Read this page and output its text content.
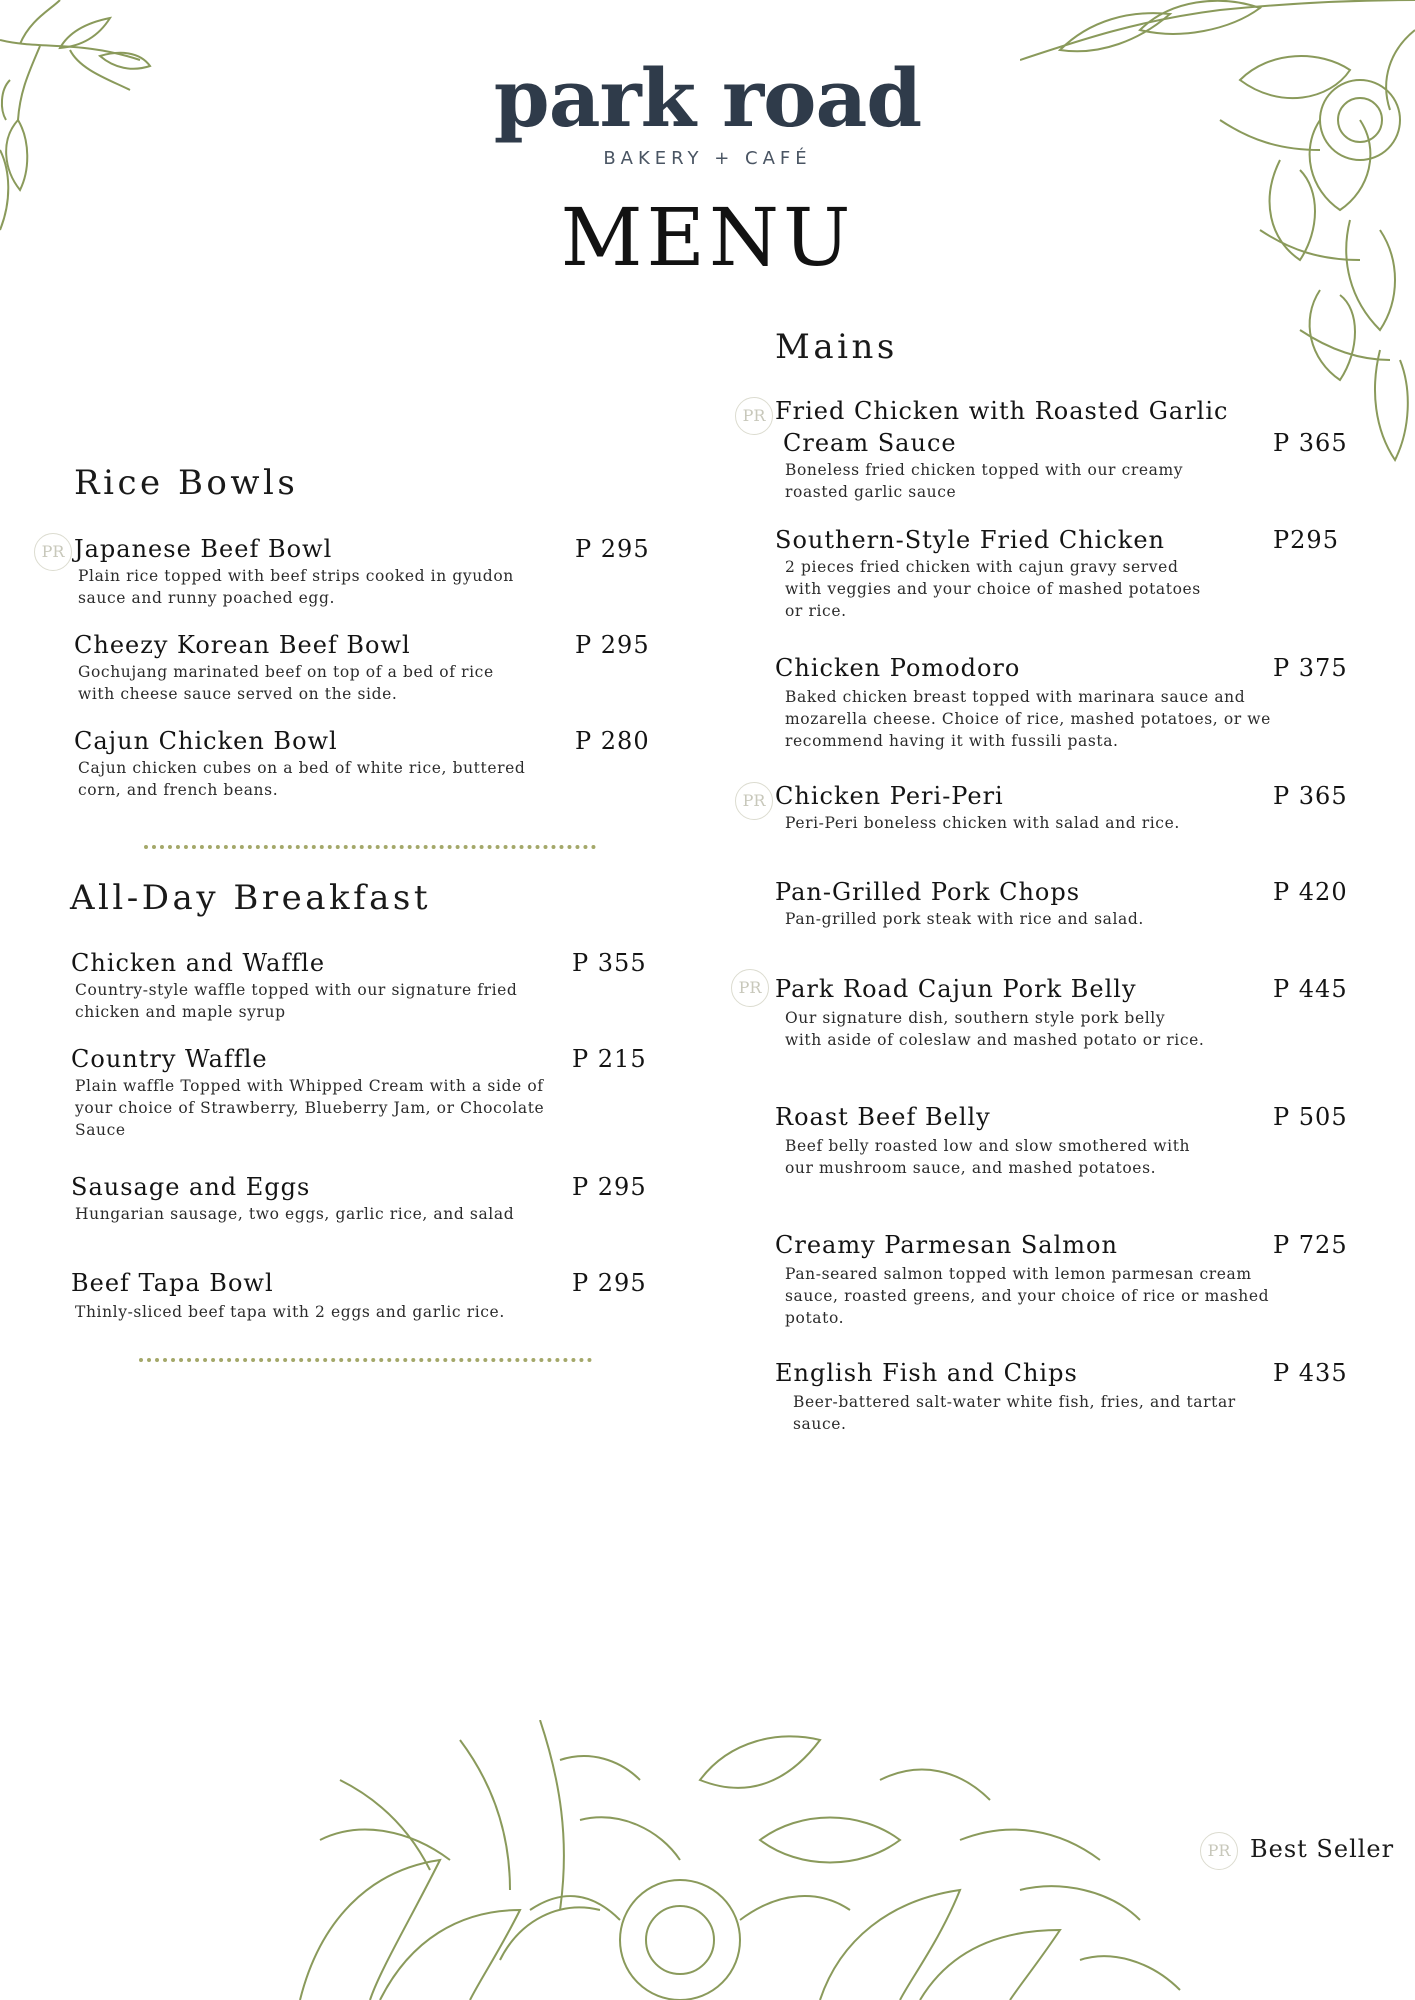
park road
BAKERY + CAFÉ
MENU
Rice Bowls
PR Japanese Beef Bowl
Plain rice topped with beef strips cooked in gyudon sauce and runny poached egg.
P 295
Cheezy Korean Beef Bowl
Gochujang marinated beef on top of a bed of rice with cheese sauce served on the side.
P 295
Cajun Chicken Bowl
Cajun chicken cubes on a bed of white rice, buttered corn, and french beans.
P 280
All-Day Breakfast
Chicken and Waffle
Country-style waffle topped with our signature fried chicken and maple syrup
P 355
Country Waffle
Plain waffle Topped with Whipped Cream with a side of your choice of Strawberry, Blueberry Jam, or Chocolate Sauce
P 215
Sausage and Eggs
Hungarian sausage, two eggs, garlic rice, and salad
P 295
Beef Tapa Bowl
Thinly-sliced beef tapa with 2 eggs and garlic rice.
P 295
Mains
PR Fried Chicken with Roasted Garlic
Cream Sauce
Boneless fried chicken topped with our creamy roasted garlic sauce
P 365
Southern-Style Fried Chicken
2 pieces fried chicken with cajun gravy served with veggies and your choice of mashed potatoes or rice.
P295
Chicken Pomodoro
Baked chicken breast topped with marinara sauce and mozarella cheese. Choice of rice, mashed potatoes, or we recommend having it with fussili pasta.
P 375
PR Chicken Peri-Peri
Peri-Peri boneless chicken with salad and rice.
P 365
Pan-Grilled Pork Chops
Pan-grilled pork steak with rice and salad.
P 420
PR Park Road Cajun Pork Belly
Our signature dish, southern style pork belly with aside of coleslaw and mashed potato or rice.
P 445
Roast Beef Belly
Beef belly roasted low and slow smothered with our mushroom sauce, and mashed potatoes.
P 505
Creamy Parmesan Salmon
Pan-seared salmon topped with lemon parmesan cream sauce, roasted greens, and your choice of rice or mashed potato.
P 725
English Fish and Chips
Beer-battered salt-water white fish, fries, and tartar sauce.
P 435
PR Best Seller
